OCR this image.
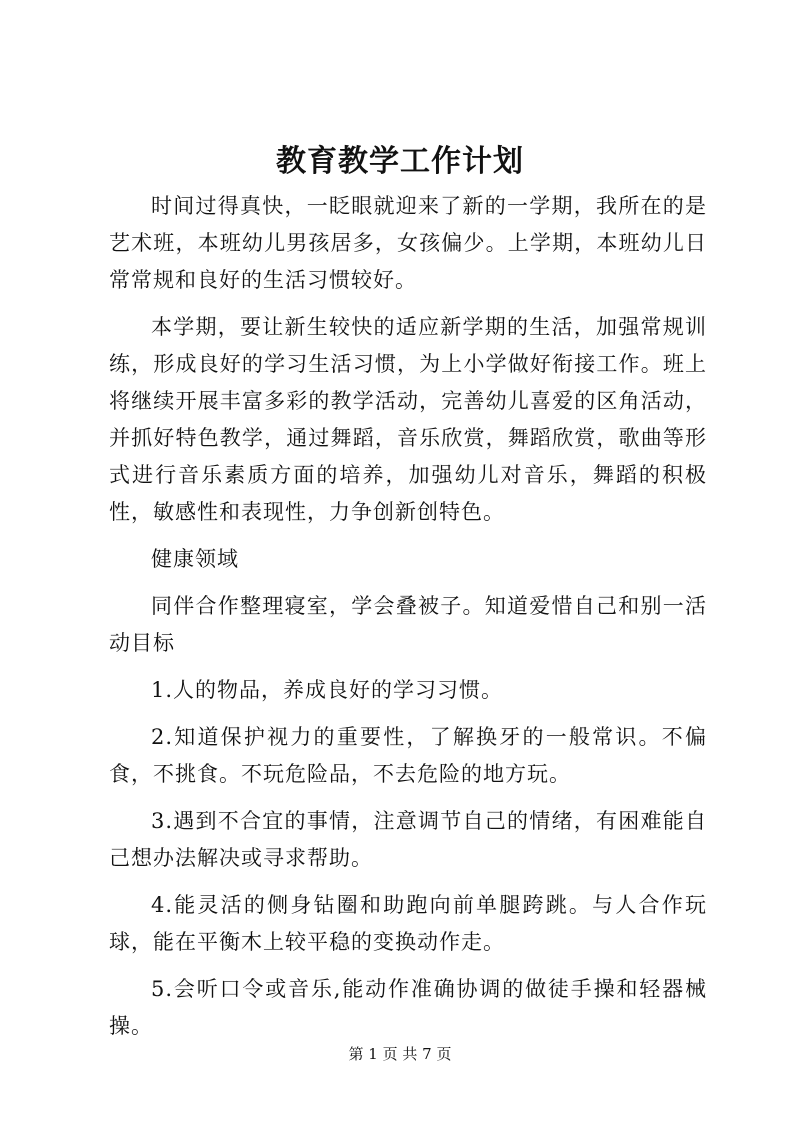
教育教学工作计划

时间过得真快，一眨眼就迎来了新的一学期，我所在的是艺术班，本班幼儿男孩居多，女孩偏少。上学期，本班幼儿日常常规和良好的生活习惯较好。

本学期，要让新生较快的适应新学期的生活，加强常规训练，形成良好的学习生活习惯，为上小学做好衔接工作。班上将继续开展丰富多彩的教学活动，完善幼儿喜爱的区角活动，并抓好特色教学，通过舞蹈，音乐欣赏，舞蹈欣赏，歌曲等形式进行音乐素质方面的培养，加强幼儿对音乐，舞蹈的积极性，敏感性和表现性，力争创新创特色。

健康领域

同伴合作整理寝室，学会叠被子。知道爱惜自己和别一活动目标

1.人的物品，养成良好的学习习惯。

2.知道保护视力的重要性，了解换牙的一般常识。不偏食，不挑食。不玩危险品，不去危险的地方玩。

3.遇到不合宜的事情，注意调节自己的情绪，有困难能自己想办法解决或寻求帮助。

4.能灵活的侧身钻圈和助跑向前单腿跨跳。与人合作玩球，能在平衡木上较平稳的变换动作走。

5.会听口令或音乐,能动作准确协调的做徒手操和轻器械操。

第 1 页 共 7 页
